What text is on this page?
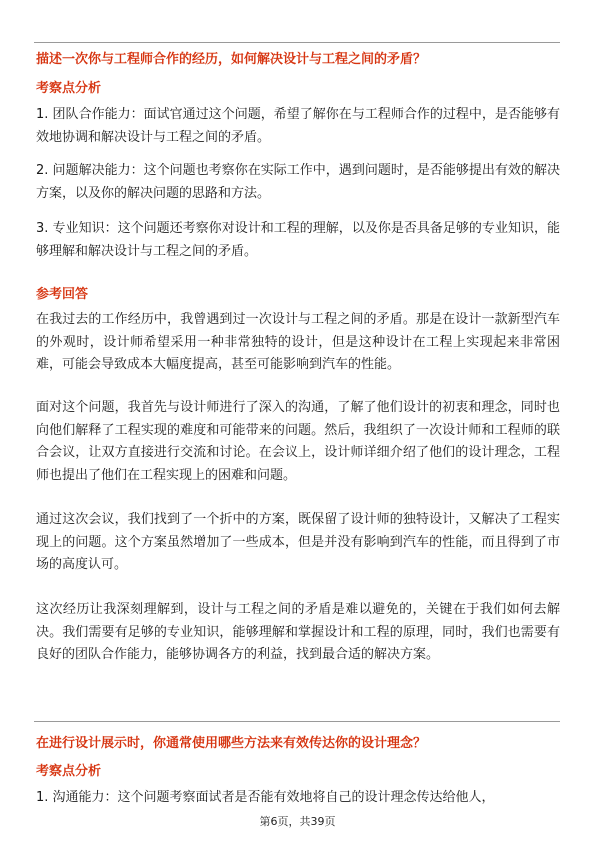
描述一次你与工程师合作的经历，如何解决设计与工程之间的矛盾？
考察点分析

1. 团队合作能力：面试官通过这个问题，希望了解你在与工程师合作的过程中，是否能够有效地协调和解决设计与工程之间的矛盾。

2. 问题解决能力：这个问题也考察你在实际工作中，遇到问题时，是否能够提出有效的解决方案，以及你的解决问题的思路和方法。

3. 专业知识：这个问题还考察你对设计和工程的理解，以及你是否具备足够的专业知识，能够理解和解决设计与工程之间的矛盾。

参考回答

在我过去的工作经历中，我曾遇到过一次设计与工程之间的矛盾。那是在设计一款新型汽车的外观时，设计师希望采用一种非常独特的设计，但是这种设计在工程上实现起来非常困难，可能会导致成本大幅度提高，甚至可能影响到汽车的性能。

面对这个问题，我首先与设计师进行了深入的沟通，了解了他们设计的初衷和理念，同时也向他们解释了工程实现的难度和可能带来的问题。然后，我组织了一次设计师和工程师的联合会议，让双方直接进行交流和讨论。在会议上，设计师详细介绍了他们的设计理念，工程师也提出了他们在工程实现上的困难和问题。

通过这次会议，我们找到了一个折中的方案，既保留了设计师的独特设计，又解决了工程实现上的问题。这个方案虽然增加了一些成本，但是并没有影响到汽车的性能，而且得到了市场的高度认可。

这次经历让我深刻理解到，设计与工程之间的矛盾是难以避免的，关键在于我们如何去解决。我们需要有足够的专业知识，能够理解和掌握设计和工程的原理，同时，我们也需要有良好的团队合作能力，能够协调各方的利益，找到最合适的解决方案。

在进行设计展示时，你通常使用哪些方法来有效传达你的设计理念？
考察点分析

1. 沟通能力：这个问题考察面试者是否能有效地将自己的设计理念传达给他人，

第6页，共39页
